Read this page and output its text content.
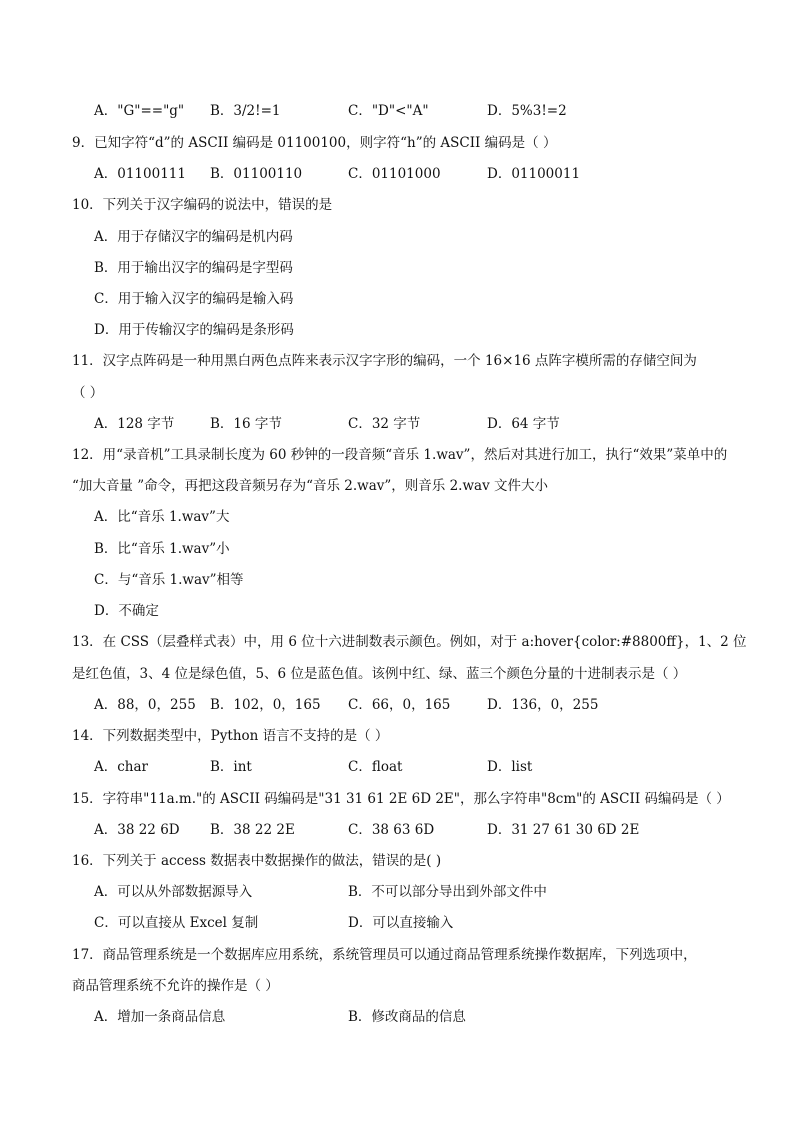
A．"G"=="g" B．3/2!=1	C．"D"<"A"	D．5%3!=2
9．已知字符“d”的 ASCII 编码是 01100100，则字符“h”的 ASCII 编码是（ ）
A．01100111 B．01100110	C．01101000	D．01100011
10．下列关于汉字编码的说法中，错误的是
A．用于存储汉字的编码是机内码
B．用于输出汉字的编码是字型码
C．用于输入汉字的编码是输入码
D．用于传输汉字的编码是条形码
11．汉字点阵码是一种用黑白两色点阵来表示汉字字形的编码，一个 16×16 点阵字模所需的存储空间为
（ ）
A．128 字节	B．16 字节	C．32 字节	D．64 字节
12．用“录音机”工具录制长度为 60 秒钟的一段音频“音乐 1.wav”，然后对其进行加工，执行“效果”菜单中的
“加大音量 ”命令，再把这段音频另存为“音乐 2.wav”，则音乐 2.wav 文件大小
A．比“音乐 1.wav”大
B．比“音乐 1.wav”小
C．与“音乐 1.wav”相等
D．不确定
13．在 CSS（层叠样式表）中，用 6 位十六进制数表示颜色。例如，对于 a:hover{color:#8800ff}，1、2 位
是红色值，3、4 位是绿色值，5、6 位是蓝色值。该例中红、绿、蓝三个颜色分量的十进制表示是（ ）
A．88，0，255 B．102，0，165 C．66，0，165	D．136，0，255
14．下列数据类型中，Python 语言不支持的是（ ）
A．char	B．int	C．float	D．list
15．字符串"11a.m."的 ASCII 码编码是"31 31 61 2E 6D 2E"，那么字符串"8cm"的 ASCII 码编码是（ ）
A．38 22 6D B．38 22 2E	C．38 63 6D	D．31 27 61 30 6D 2E
16．下列关于 access 数据表中数据操作的做法，错误的是( )
A．可以从外部数据源导入	B．不可以部分导出到外部文件中
C．可以直接从 Excel 复制	D．可以直接输入
17．商品管理系统是一个数据库应用系统，系统管理员可以通过商品管理系统操作数据库，下列选项中，
商品管理系统不允许的操作是（ ）
A．增加一条商品信息	B．修改商品的信息
